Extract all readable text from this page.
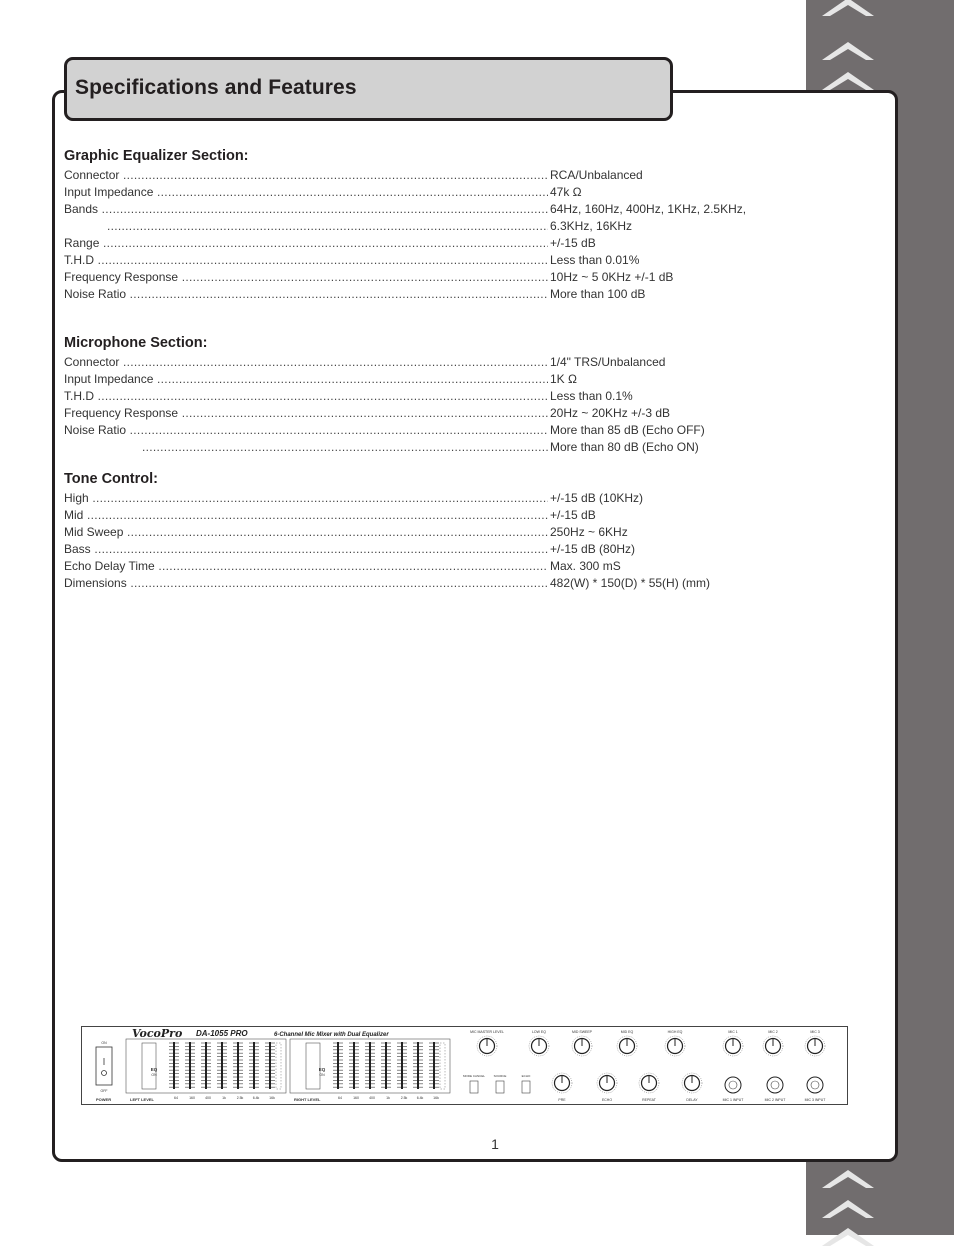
Specifications and Features
Graphic Equalizer Section:
Connector .....	RCA/Unbalanced
Input Impedance .....	47k Ω
Bands .....	64Hz, 160Hz, 400Hz, 1KHz, 2.5KHz,
.....
6.3KHz, 16KHz
Range .....	+/-15 dB
T.H.D .....	Less than 0.01%
Frequency Response .....	10Hz ~ 5 0KHz +/-1 dB
Noise Ratio .....	More than 100 dB
Microphone Section:
Connector .....	1/4" TRS/Unbalanced
Input Impedance .....	1K Ω
T.H.D .....	Less than 0.1%
Frequency Response .....	20Hz ~ 20KHz +/-3 dB
Noise Ratio .....	More than 85 dB (Echo OFF)
.....
More than 80 dB (Echo ON)
Tone Control:
High .....	+/-15 dB (10KHz)
Mid .....	+/-15 dB
Mid Sweep .....	250Hz ~ 6KHz
Bass .....	+/-15 dB (80Hz)
Echo Delay Time .....	Max. 300 mS
Dimensions .....	482(W) * 150(D) * 55(H) (mm)
VocoPro DA-1055 PRO	6-Channel Mic Mixer with Dual Equalizer
ON
OFF
POWER	LEFT LEVEL	RIGHT LEVEL
EQ
ON
EQ
ON
64	160	400	1k	2.5k	6.4k	16k	64	160	400	1k	2.5k	6.4k	16k
MODE CANCEL	SOURCE	ECHO
MIC MASTER LEVEL	LOW EQ	MID SWEEP	MID EQ	HIGH EQ	MIC 1	MIC 2	MIC 3
PRE	ECHO	REPEAT	DELAY	MIC 1 INPUT	MIC 2 INPUT	MIC 3 INPUT
1
